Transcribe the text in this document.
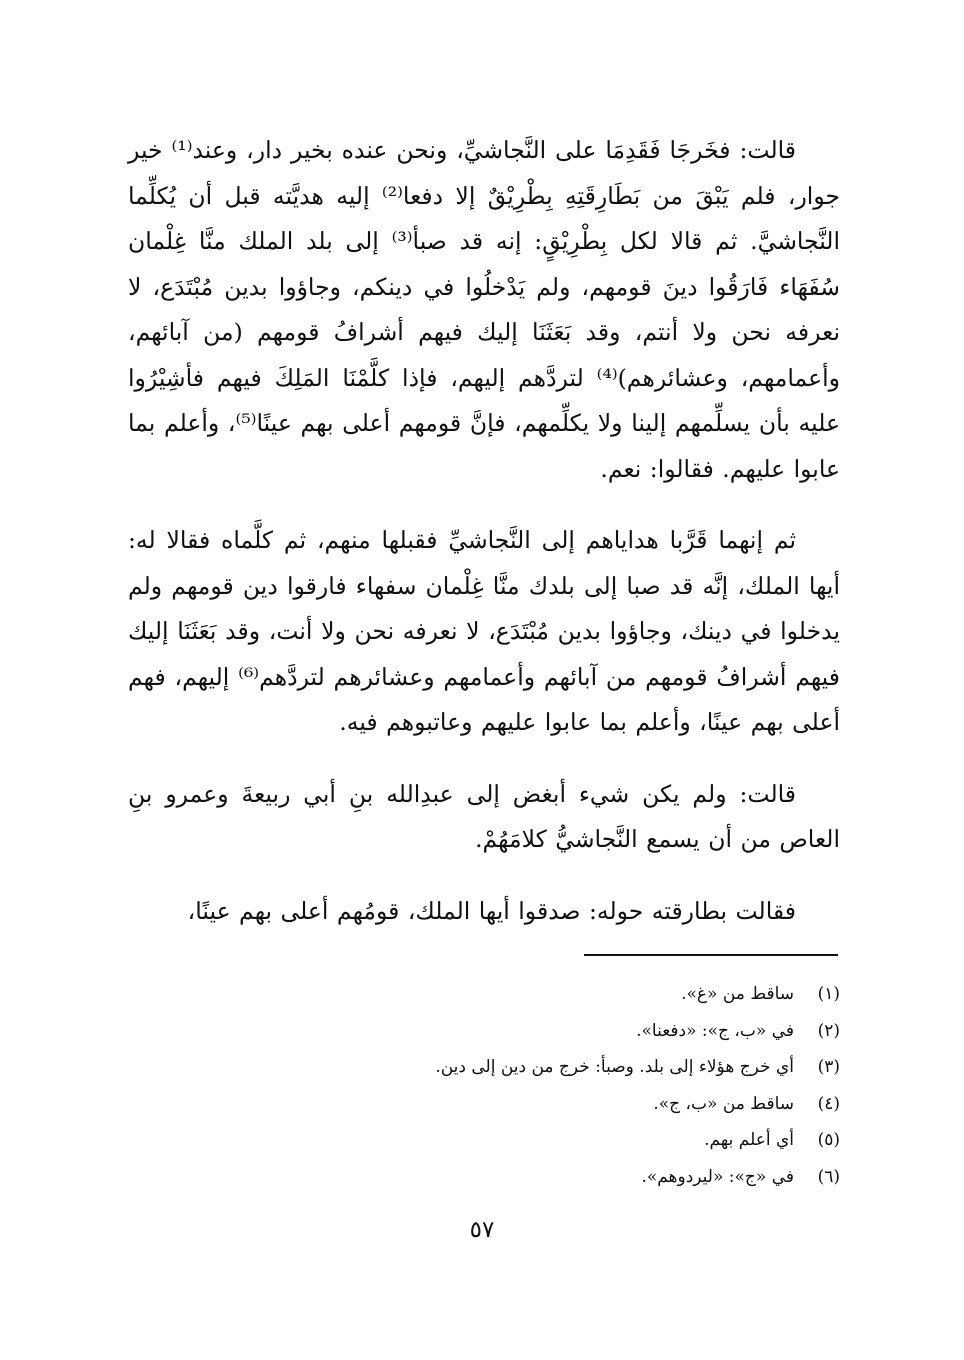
قالت: فخَرجَا فَقَدِمَا على النَّجاشيِّ، ونحن عنده بخير دار، وعند⁽¹⁾ خير جوار، فلم يَبْقَ من بَطَارِقَتِهِ بِطْرِيْقٌ إلا دفعا⁽²⁾ إليه هديَّته قبل أن يُكلِّما النَّجاشيَّ. ثم قالا لكل بِطْرِيْقٍ: إنه قد صبأ⁽³⁾ إلى بلد الملك منَّا غِلْمان سُفَهَاء فَارَقُوا دينَ قومهم، ولم يَدْخلُوا في دينكم، وجاؤوا بدين مُبْتَدَع، لا نعرفه نحن ولا أنتم، وقد بَعَثَنَا إليك فيهم أشرافُ قومهم (من آبائهم، وأعمامهم، وعشائرهم)⁽⁴⁾ لتردَّهم إليهم، فإذا كلَّمْنَا المَلِكَ فيهم فأشِيْرُوا عليه بأن يسلِّمهم إلينا ولا يكلِّمهم، فإنَّ قومهم أعلى بهم عينًا⁽⁵⁾، وأعلم بما عابوا عليهم. فقالوا: نعم.

ثم إنهما قَرَّبا هداياهم إلى النَّجاشيِّ فقبلها منهم، ثم كلَّماه فقالا له: أيها الملك، إنَّه قد صبا إلى بلدك منَّا غِلْمان سفهاء فارقوا دين قومهم ولم يدخلوا في دينك، وجاؤوا بدين مُبْتَدَع، لا نعرفه نحن ولا أنت، وقد بَعَثَنَا إليك فيهم أشرافُ قومهم من آبائهم وأعمامهم وعشائرهم لتردَّهم⁽⁶⁾ إليهم، فهم أعلى بهم عينًا، وأعلم بما عابوا عليهم وعاتبوهم فيه.

قالت: ولم يكن شيء أبغض إلى عبدِالله بنِ أبي ربيعةَ وعمرو بنِ العاص من أن يسمع النَّجاشيُّ كلامَهُمْ.

فقالت بطارقته حوله: صدقوا أيها الملك، قومُهم أعلى بهم عينًا،

(١)
ساقط من «غ».
(٢)
في «ب، ج»: «دفعنا».
(٣)
أي خرج هؤلاء إلى بلد. وصبأ: خرج من دين إلى دين.
(٤)
ساقط من «ب، ج».
(٥)
أي أعلم بهم.
(٦)
في «ج»: «ليردوهم».
٥٧
